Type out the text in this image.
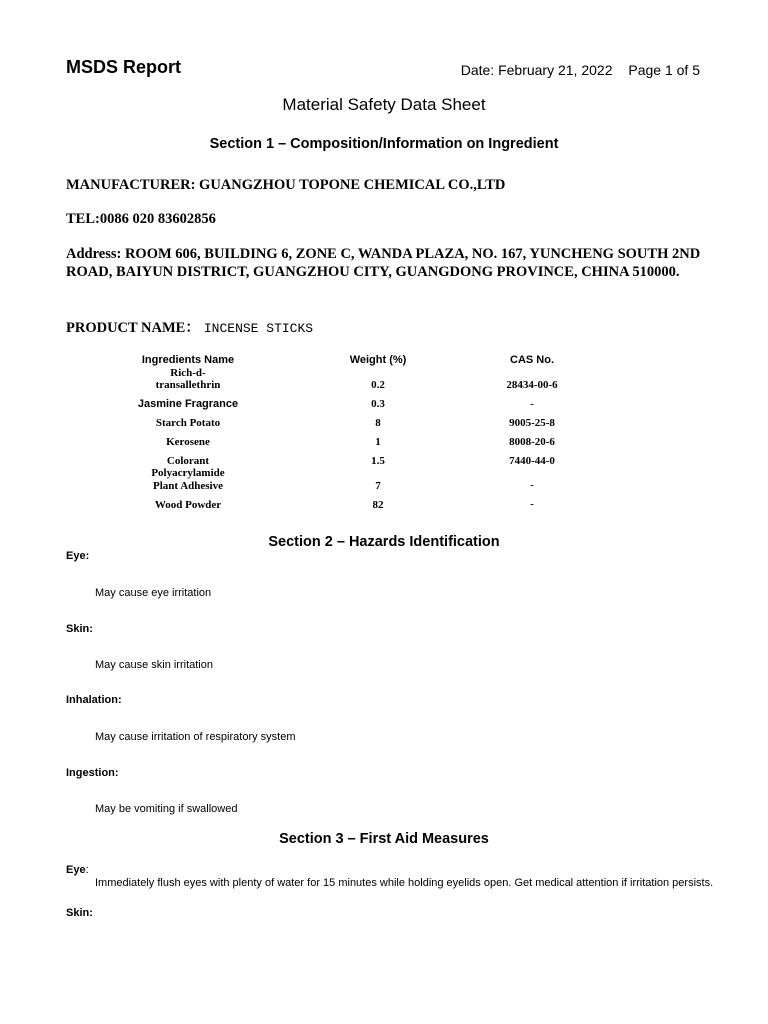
MSDS Report	Date: February 21, 2022 Page 1 of 5
Material Safety Data Sheet
Section 1 – Composition/Information on Ingredient
MANUFACTURER: GUANGZHOU TOPONE CHEMICAL CO.,LTD
TEL:0086 020 83602856
Address: ROOM 606, BUILDING 6, ZONE C, WANDA PLAZA, NO. 167, YUNCHENG SOUTH 2ND ROAD, BAIYUN DISTRICT, GUANGZHOU CITY, GUANGDONG PROVINCE, CHINA 510000.
PRODUCT NAME： INCENSE STICKS
Ingredients Name	Weight (%)	CAS No.
Rich-d-transallethrin	0.2	28434-00-6
Jasmine Fragrance	0.3	-
Starch Potato	8	9005-25-8
Kerosene	1	8008-20-6
Colorant	1.5	7440-44-0
Polyacrylamide
Plant Adhesive	7	-
Wood Powder	82	-
Section 2 – Hazards Identification
Eye:
May cause eye irritation
Skin:
May cause skin irritation
Inhalation:
May cause irritation of respiratory system
Ingestion:
May be vomiting if swallowed
Section 3 – First Aid Measures
Eye:
Immediately flush eyes with plenty of water for 15 minutes while holding eyelids open. Get medical attention if irritation persists.
Skin:
